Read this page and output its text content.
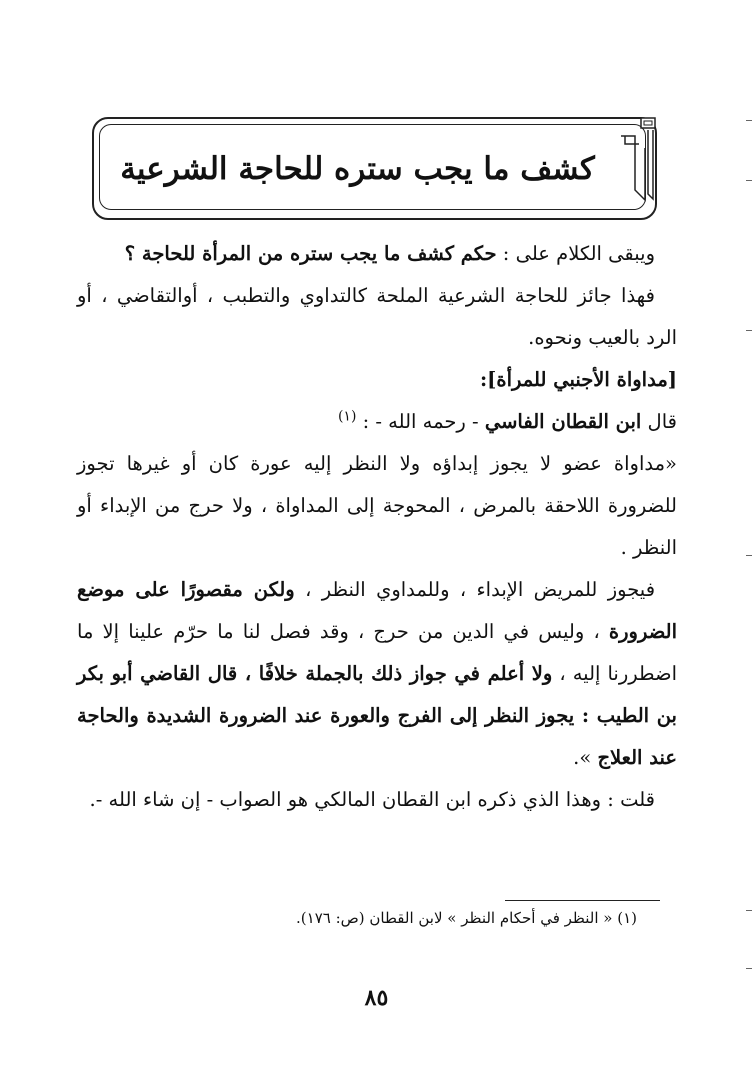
كشف ما يجب ستره للحاجة الشرعية

ويبقى الكلام على : حكم كشف ما يجب ستره من المرأة للحاجة ؟

فهذا جائز للحاجة الشرعية الملحة كالتداوي والتطبب ، أوالتقاضي ، أو الرد بالعيب ونحوه.

[مداواة الأجنبي للمرأة]:

قال ابن القطان الفاسي - رحمه الله - : $^{(١)}$

«مداواة عضو لا يجوز إبداؤه ولا النظر إليه عورة كان أو غيرها تجوز للضرورة اللاحقة بالمرض ، المحوجة إلى المداواة ، ولا حرج من الإبداء أو النظر .

فيجوز للمريض الإبداء ، وللمداوي النظر ، ولكن مقصورًا على موضع الضرورة ، وليس في الدين من حرج ، وقد فصل لنا ما حرّم علينا إلا ما اضطررنا إليه ، ولا أعلم في جواز ذلك بالجملة خلافًا ، قال القاضي أبو بكر بن الطيب : يجوز النظر إلى الفرج والعورة عند الضرورة الشديدة والحاجة عند العلاج ».

قلت : وهذا الذي ذكره ابن القطان المالكي هو الصواب - إن شاء الله -.

(١) « النظر في أحكام النظر » لابن القطان (ص: ١٧٦).
٨٥
